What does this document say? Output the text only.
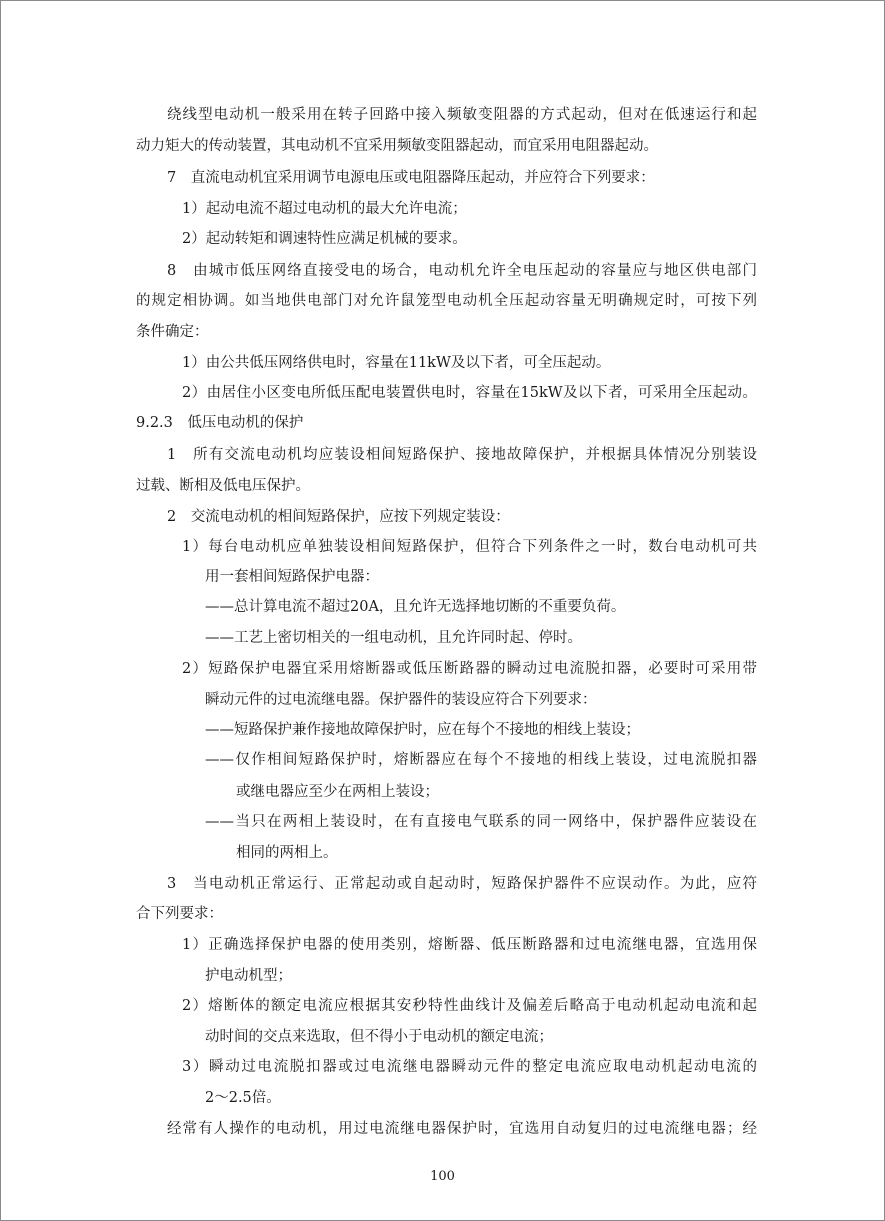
绕线型电动机一般采用在转子回路中接入频敏变阻器的方式起动，但对在低速运行和起
动力矩大的传动装置，其电动机不宜采用频敏变阻器起动，而宜采用电阻器起动。
7　直流电动机宜采用调节电源电压或电阻器降压起动，并应符合下列要求：
1）起动电流不超过电动机的最大允许电流；
2）起动转矩和调速特性应满足机械的要求。
8　由城市低压网络直接受电的场合，电动机允许全电压起动的容量应与地区供电部门
的规定相协调。如当地供电部门对允许鼠笼型电动机全压起动容量无明确规定时，可按下列
条件确定：
1）由公共低压网络供电时，容量在11kW及以下者，可全压起动。
2）由居住小区变电所低压配电装置供电时，容量在15kW及以下者，可采用全压起动。
9.2.3　低压电动机的保护
1　所有交流电动机均应装设相间短路保护、接地故障保护，并根据具体情况分别装设
过载、断相及低电压保护。
2　交流电动机的相间短路保护，应按下列规定装设：
1）每台电动机应单独装设相间短路保护，但符合下列条件之一时，数台电动机可共
用一套相间短路保护电器：
——总计算电流不超过20A，且允许无选择地切断的不重要负荷。
——工艺上密切相关的一组电动机，且允许同时起、停时。
2）短路保护电器宜采用熔断器或低压断路器的瞬动过电流脱扣器，必要时可采用带
瞬动元件的过电流继电器。保护器件的装设应符合下列要求：
——短路保护兼作接地故障保护时，应在每个不接地的相线上装设；
——仅作相间短路保护时，熔断器应在每个不接地的相线上装设，过电流脱扣器
或继电器应至少在两相上装设；
——当只在两相上装设时，在有直接电气联系的同一网络中，保护器件应装设在
相同的两相上。
3　当电动机正常运行、正常起动或自起动时，短路保护器件不应误动作。为此，应符
合下列要求：
1）正确选择保护电器的使用类别，熔断器、低压断路器和过电流继电器，宜选用保
护电动机型；
2）熔断体的额定电流应根据其安秒特性曲线计及偏差后略高于电动机起动电流和起
动时间的交点来选取，但不得小于电动机的额定电流；
3）瞬动过电流脱扣器或过电流继电器瞬动元件的整定电流应取电动机起动电流的
2～2.5倍。
经常有人操作的电动机，用过电流继电器保护时，宜选用自动复归的过电流继电器；经
100
